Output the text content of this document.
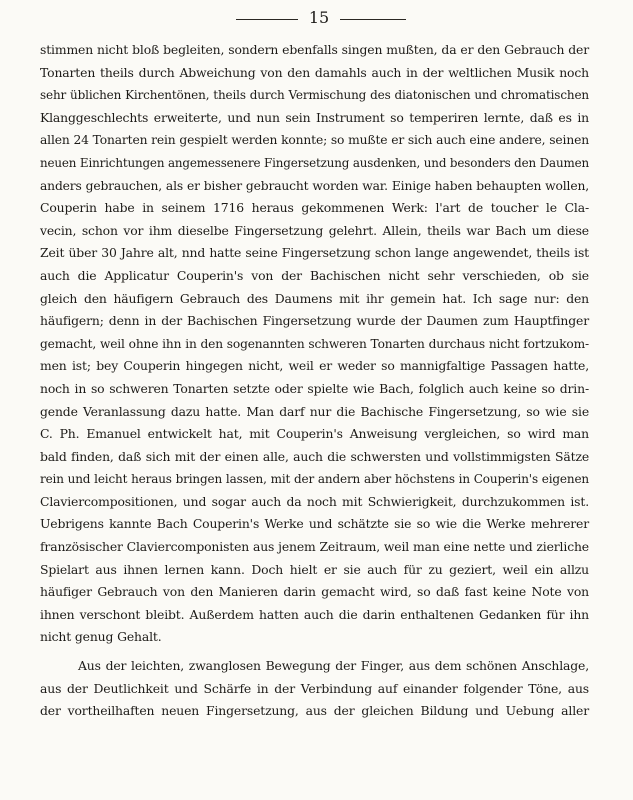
15
stimmen nicht bloß begleiten, sondern ebenfalls singen mußten, da er den Gebrauch der
Tonarten theils durch Abweichung von den damahls auch in der weltlichen Musik noch
sehr üblichen Kirchentönen, theils durch Vermischung des diatonischen und chromatischen
Klanggeschlechts erweiterte, und nun sein Instrument so temperiren lernte, daß es in
allen 24 Tonarten rein gespielt werden konnte; so mußte er sich auch eine andere, seinen
neuen Einrichtungen angemessenere Fingersetzung ausdenken, und besonders den Daumen
anders gebrauchen, als er bisher gebraucht worden war. Einige haben behaupten wollen,
Couperin habe in seinem 1716 heraus gekommenen Werk: l'art de toucher le Cla-
vecin, schon vor ihm dieselbe Fingersetzung gelehrt. Allein, theils war Bach um diese
Zeit über 30 Jahre alt, nnd hatte seine Fingersetzung schon lange angewendet, theils ist
auch die Applicatur Couperin's von der Bachischen nicht sehr verschieden, ob sie
gleich den häufigern Gebrauch des Daumens mit ihr gemein hat. Ich sage nur: den
häufigern; denn in der Bachischen Fingersetzung wurde der Daumen zum Hauptfinger
gemacht, weil ohne ihn in den sogenannten schweren Tonarten durchaus nicht fortzukom-
men ist; bey Couperin hingegen nicht, weil er weder so mannigfaltige Passagen hatte,
noch in so schweren Tonarten setzte oder spielte wie Bach, folglich auch keine so drin-
gende Veranlassung dazu hatte. Man darf nur die Bachische Fingersetzung, so wie sie
C. Ph. Emanuel entwickelt hat, mit Couperin's Anweisung vergleichen, so wird man
bald finden, daß sich mit der einen alle, auch die schwersten und vollstimmigsten Sätze
rein und leicht heraus bringen lassen, mit der andern aber höchstens in Couperin's eigenen
Claviercompositionen, und sogar auch da noch mit Schwierigkeit, durchzukommen ist.
Uebrigens kannte Bach Couperin's Werke und schätzte sie so wie die Werke mehrerer
französischer Claviercomponisten aus jenem Zeitraum, weil man eine nette und zierliche
Spielart aus ihnen lernen kann. Doch hielt er sie auch für zu geziert, weil ein allzu
häufiger Gebrauch von den Manieren darin gemacht wird, so daß fast keine Note von
ihnen verschont bleibt. Außerdem hatten auch die darin enthaltenen Gedanken für ihn
nicht genug Gehalt.
Aus der leichten, zwanglosen Bewegung der Finger, aus dem schönen Anschlage,
aus der Deutlichkeit und Schärfe in der Verbindung auf einander folgender Töne, aus
der vortheilhaften neuen Fingersetzung, aus der gleichen Bildung und Uebung aller
